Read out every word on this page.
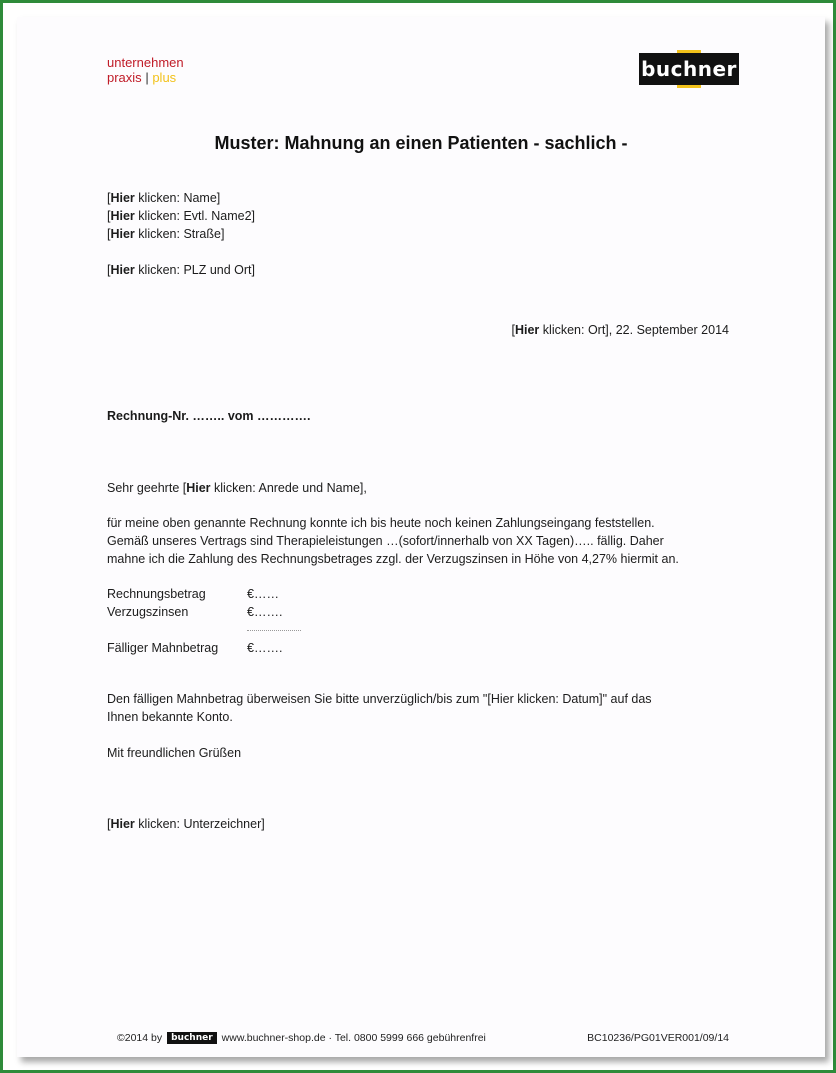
unternehmen
praxis | plus	buchner
Muster: Mahnung an einen Patienten - sachlich -
[Hier klicken: Name]
[Hier klicken: Evtl. Name2]
[Hier klicken: Straße]
[Hier klicken: PLZ und Ort]
[Hier klicken: Ort], 22. September 2014
Rechnung-Nr. …….. vom ………….
Sehr geehrte [Hier klicken: Anrede und Name],
für meine oben genannte Rechnung konnte ich bis heute noch keinen Zahlungseingang feststellen.
Gemäß unseres Vertrags sind Therapieleistungen …(sofort/innerhalb von XX Tagen)….. fällig. Daher
mahne ich die Zahlung des Rechnungsbetrages zzgl. der Verzugszinsen in Höhe von 4,27% hiermit an.
Rechnungsbetrag	€……
Verzugszinsen	€…….
Fälliger Mahnbetrag	€…….
Den fälligen Mahnbetrag überweisen Sie bitte unverzüglich/bis zum "[Hier klicken: Datum]" auf das
Ihnen bekannte Konto.
Mit freundlichen Grüßen
[Hier klicken: Unterzeichner]
©2014 by	buchner www.buchner-shop.de · Tel. 0800 5999 666 gebührenfrei	BC10236/PG01VER001/09/14
